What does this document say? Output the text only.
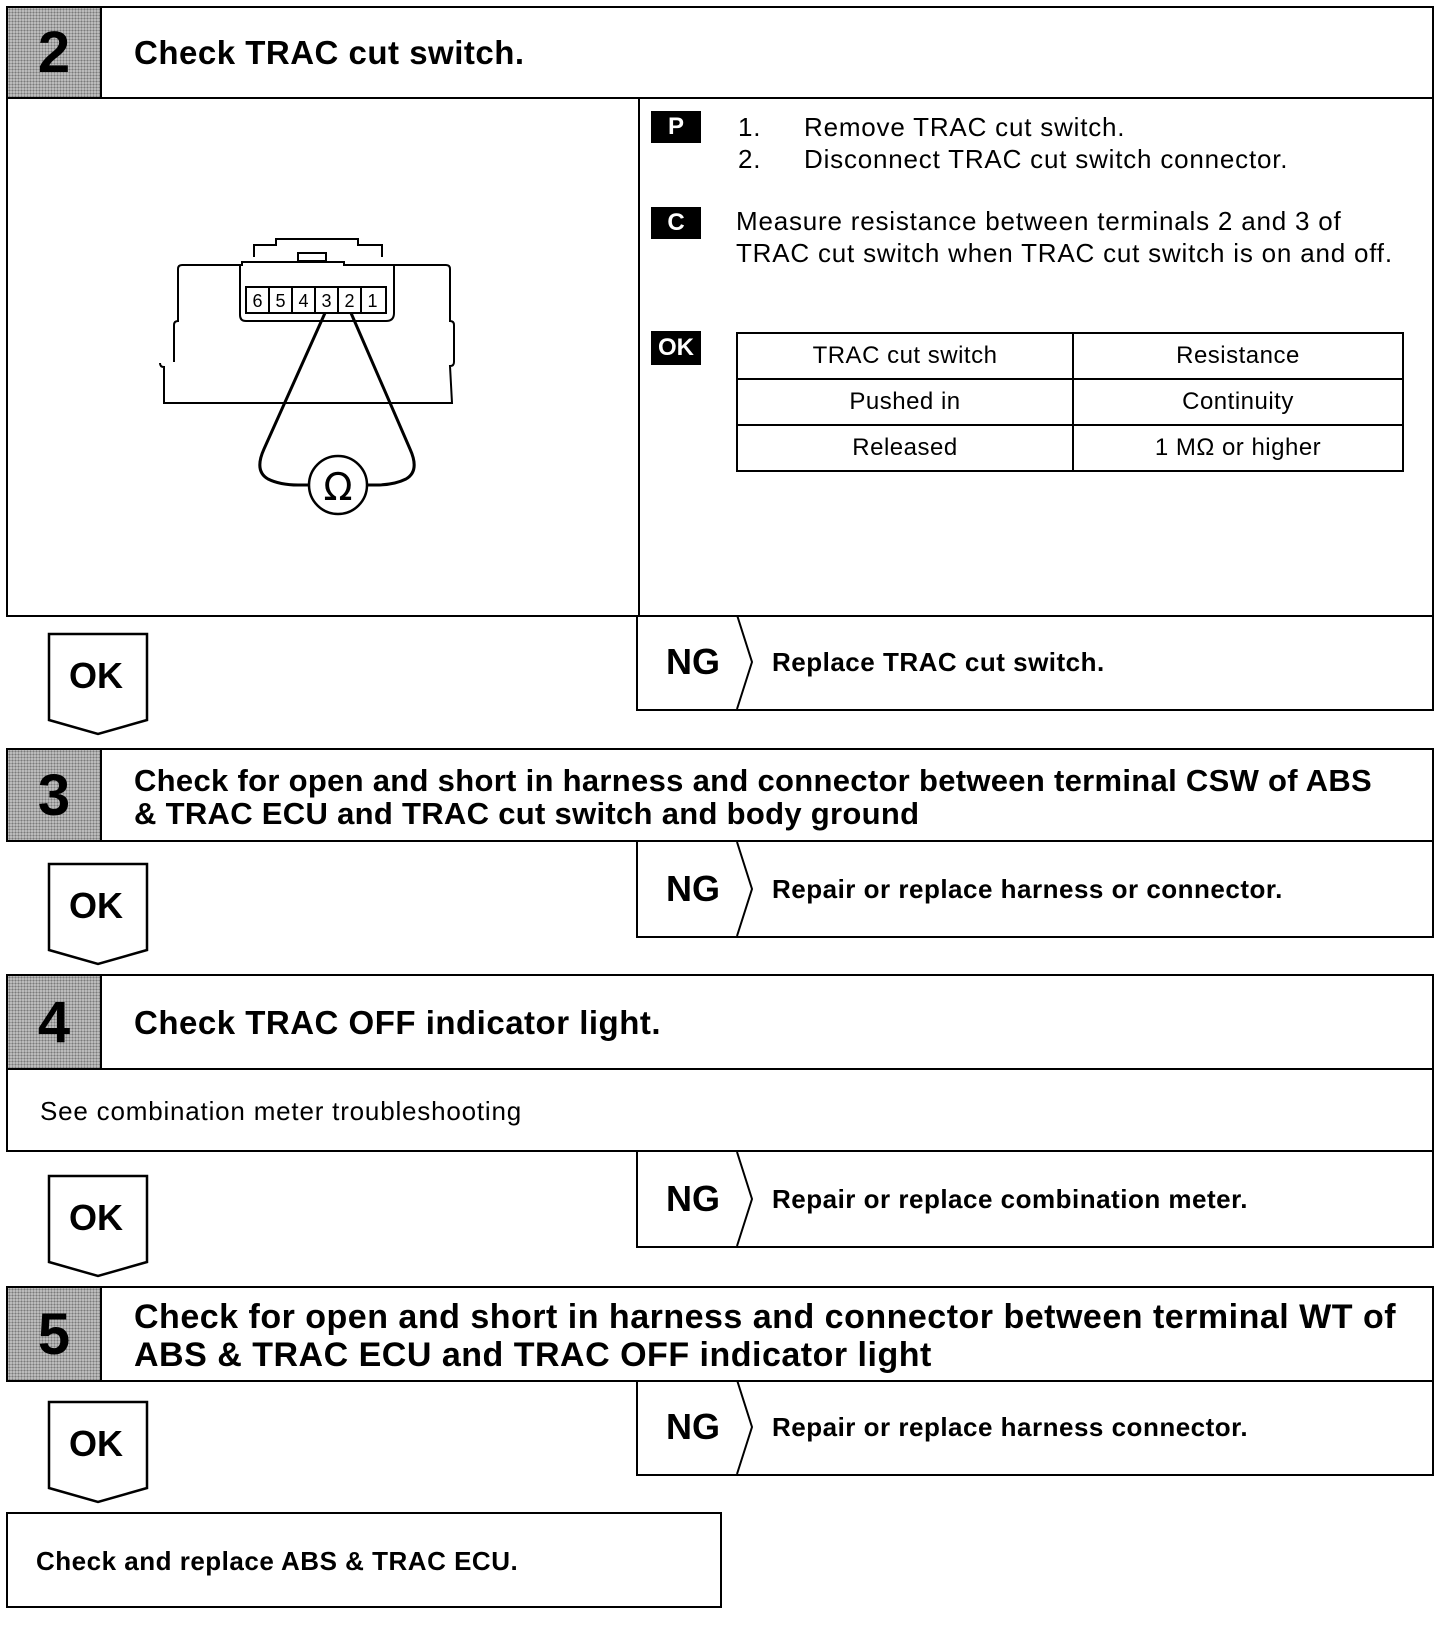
2	Check TRAC cut switch.
6 5 4 3 2 1
Ω
P	1. Remove TRAC cut switch.
2. Disconnect TRAC cut switch connector.
C	Measure resistance between terminals 2 and 3 of TRAC cut switch when TRAC cut switch is on and off.
OK	TRAC cut switch	Resistance
Pushed in	Continuity
Released	1 MΩ or higher
OK	NG Replace TRAC cut switch.
3	Check for open and short in harness and connector between terminal CSW of ABS
& TRAC ECU and TRAC cut switch and body ground
OK	NG Repair or replace harness or connector.
4	Check TRAC OFF indicator light.
See combination meter troubleshooting
OK	NG Repair or replace combination meter.
5	Check for open and short in harness and connector between terminal WT of
ABS & TRAC ECU and TRAC OFF indicator light
OK	NG Repair or replace harness connector.
Check and replace ABS & TRAC ECU.
